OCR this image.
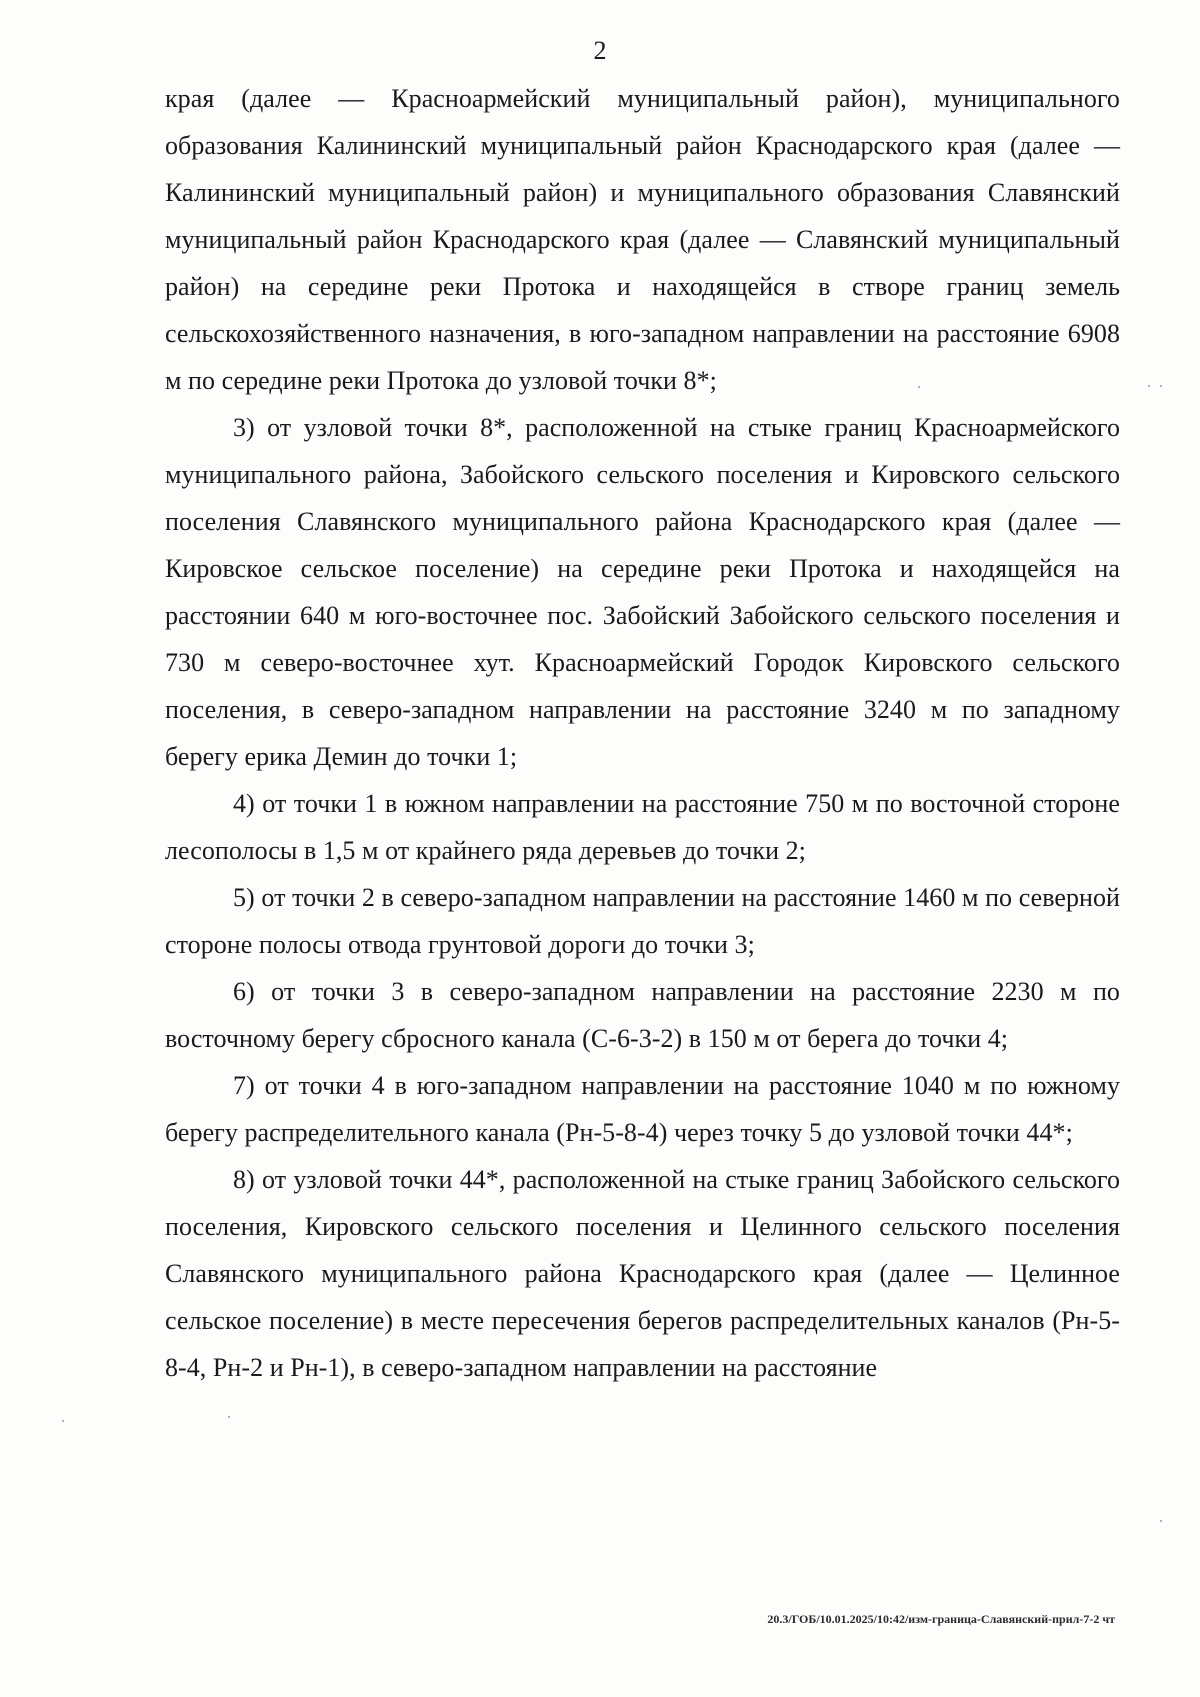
2

края (далее — Красноармейский муниципальный район), муниципального образования Калининский муниципальный район Краснодарского края (далее — Калининский муниципальный район) и муниципального образования Славянский муниципальный район Краснодарского края (далее — Славянский муниципальный район) на середине реки Протока и находящейся в створе границ земель сельскохозяйственного назначения, в юго-западном направлении на расстояние 6908 м по середине реки Протока до узловой точки 8*;

3) от узловой точки 8*, расположенной на стыке границ Красноармейского муниципального района, Забойского сельского поселения и Кировского сельского поселения Славянского муниципального района Краснодарского края (далее — Кировское сельское поселение) на середине реки Протока и находящейся на расстоянии 640 м юго-восточнее пос. Забойский Забойского сельского поселения и 730 м северо-восточнее хут. Красноармейский Городок Кировского сельского поселения, в северо-западном направлении на расстояние 3240 м по западному берегу ерика Демин до точки 1;

4) от точки 1 в южном направлении на расстояние 750 м по восточной стороне лесополосы в 1,5 м от крайнего ряда деревьев до точки 2;

5) от точки 2 в северо-западном направлении на расстояние 1460 м по северной стороне полосы отвода грунтовой дороги до точки 3;

6) от точки 3 в северо-западном направлении на расстояние 2230 м по восточному берегу сбросного канала (С-6-3-2) в 150 м от берега до точки 4;

7) от точки 4 в юго-западном направлении на расстояние 1040 м по южному берегу распределительного канала (Рн-5-8-4) через точку 5 до узловой точки 44*;

8) от узловой точки 44*, расположенной на стыке границ Забойского сельского поселения, Кировского сельского поселения и Целинного сельского поселения Славянского муниципального района Краснодарского края (далее — Целинное сельское поселение) в месте пересечения берегов распределительных каналов (Рн-5-8-4, Рн-2 и Рн-1), в северо-западном направлении на расстояние

20.3/ГОБ/10.01.2025/10:42/изм-граница-Славянский-прил-7-2 чт
